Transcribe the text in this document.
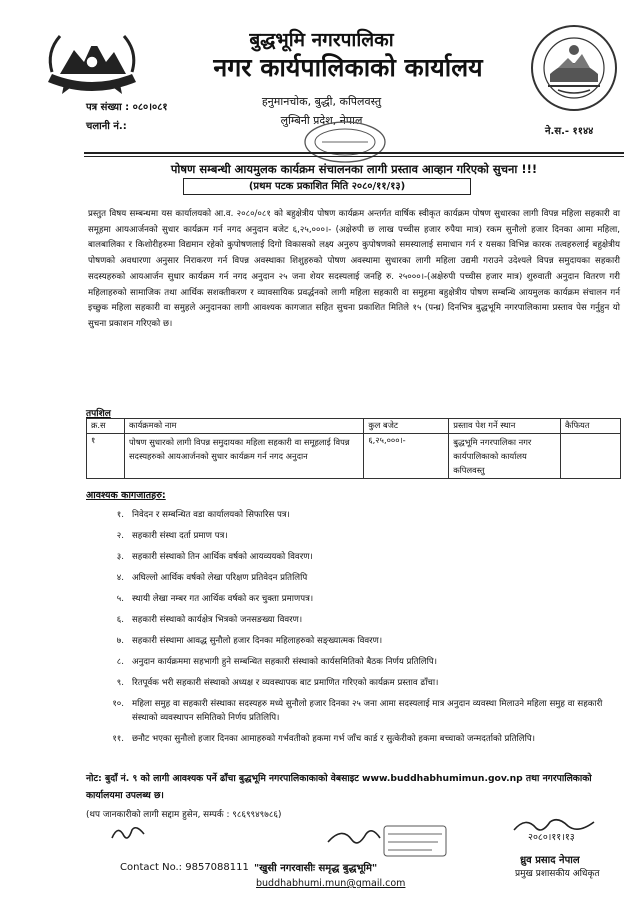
बुद्धभूमि नगरपालिका
नगर कार्यपालिकाको कार्यालय
हनुमानचोक, बुद्धी, कपिलवस्तु
लुम्बिनी प्रदेश, नेपाल
पत्र संख्या : ०८०।०८१
चलानी नं.:	ने.स.- ११४४
पोषण सम्बन्धी आयमुलक कार्यक्रम संचालनका लागी प्रस्ताव आव्हान गरिएको सुचना !!!
(प्रथम पटक प्रकाशित मिति २०८०/११/१३)
प्रस्तुत विषय सम्बन्धमा यस कार्यालयको आ.व. २०८०/०८१ को बहुक्षेत्रीय पोषण कार्यक्रम अन्तर्गत वार्षिक स्वीकृत कार्यक्रम पोषण सुधारका लागी विपन्न महिला सहकारी वा समूहमा आयआर्जनको सुधार कार्यक्रम गर्न नगद अनुदान बजेट ६,२५,०००।- (अक्षेरुपी छ लाख पच्चीस हजार रुपैया मात्र) रकम सुनौलो हजार दिनका आमा महिला, बालबालिका र किशोरीहरुमा विद्यमान रहेको कुपोषणलाई दिगो विकासको लक्ष्य अनुरुप कुपोषणको समस्यालाई समाधान गर्न र यसका विभिन्न कारक तत्वहरुलाई बहुक्षेत्रीय पोषणको अवधारणा अनुसार निराकरण गर्न विपन्न अवस्थाका शिशुहरुको पोषण अवस्थामा सुधारका लागी महिला उद्यमी गराउने उदेश्यले विपन्न समुदायका सहकारी सदस्यहरुको आयआर्जन सुधार कार्यक्रम गर्न नगद अनुदान २५ जना शेयर सदस्यलाई जनहि रु. २५०००।-(अक्षेरुपी पच्चीस हजार मात्र) शुरुवाती अनुदान वितरण गरी महिलाहरुको सामाजिक तथा आर्थिक सशक्तीकरण र व्यावसायिक प्रवर्द्धनको लागी महिला सहकारी वा समुहमा बहुक्षेत्रीय पोषण सम्बन्धि आयमुलक कार्यक्रम संचालन गर्न इच्छुक महिला सहकारी वा समुहले अनुदानका लागी आवश्यक कागजात सहित सुचना प्रकाशित मितिले १५ (पन्ध्र) दिनभित्र बुद्धभूमि नगरपालिकामा प्रस्ताव पेस गर्नुहुन यो सुचना प्रकाशन गरिएको छ।
तपशिल
क्र.स	कार्यक्रमको नाम	कुल बजेट	प्रस्ताव पेश गर्ने स्थान	कैफियत
१	पोषण सुधारको लागी विपन्न समुदायका महिला सहकारी वा समूहलाई विपन्न सदस्यहरुको आयआर्जनको सुधार कार्यक्रम गर्न नगद अनुदान	६,२५,०००।-	बुद्धभूमि नगरपालिका नगर कार्यपालिकाको कार्यालय कपिलवस्तु	
आवश्यक कागजातहरु:
१. निवेदन र सम्बन्धित वडा कार्यालयको सिफारिस पत्र।
२. सहकारी संस्था दर्ता प्रमाण पत्र।
३. सहकारी संस्थाको तिन आर्थिक वर्षको आयव्ययको विवरण।
४. अघिल्लो आर्थिक वर्षको लेखा परिक्षण प्रतिवेदन प्रतिलिपि
५. स्थायी लेखा नम्बर गत आर्थिक वर्षको कर चुक्ता प्रमाणपत्र।
६. सहकारी संस्थाको कार्यक्षेत्र भित्रको जनसङख्या विवरण।
७. सहकारी संस्थामा आवद्ध सुनौलो हजार दिनका महिलाहरुको सङ्ख्यात्मक विवरण।
८. अनुदान कार्यक्रममा सहभागी हुने सम्बन्धित सहकारी संस्थाको कार्यसमितिको बैठक निर्णय प्रतिलिपि।
९. रितपूर्वक भरी सहकारी संस्थाको अध्यक्ष र व्यवस्थापक बाट प्रमाणित गरिएको कार्यक्रम प्रस्ताव ढाँचा।
१०. महिला समुह वा सहकारी संस्थाका सदस्यहरु मध्ये सुनौलो हजार दिनका २५ जना आमा सदस्यलाई मात्र अनुदान व्यवस्था मिलाउने महिला समुह वा सहकारी संस्थाको व्यवस्थापन समितिको निर्णय प्रतिलिपि।
११. छनौट भएका सुनौलो हजार दिनका आमाहरुको गर्भवतीको हकमा गर्भ जाँच कार्ड र सुत्केरीको हकमा बच्चाको जन्मदर्ताको प्रतिलिपि।
नोट: बुदाँ नं. ९ को लागी आवश्यक पर्ने ढाँचा बुद्धभूमि नगरपालिकाकाको वेबसाइट www.buddhabhumimun.gov.np तथा नगरपालिकाको कार्यालयमा उपलब्ध छ।
(थप जानकारीको लागी सद्दाम हुसेन, सम्पर्क : ९८६९९४९७८६)
२०८०।११।१३
ध्रुव प्रसाद नेपाल
प्रमुख प्रशासकीय अधिकृत
Contact No.: 9857088111 "खुसी नगरवासीः समृद्ध बुद्धभूमि"
buddhabhumi.mun@gmail.com
